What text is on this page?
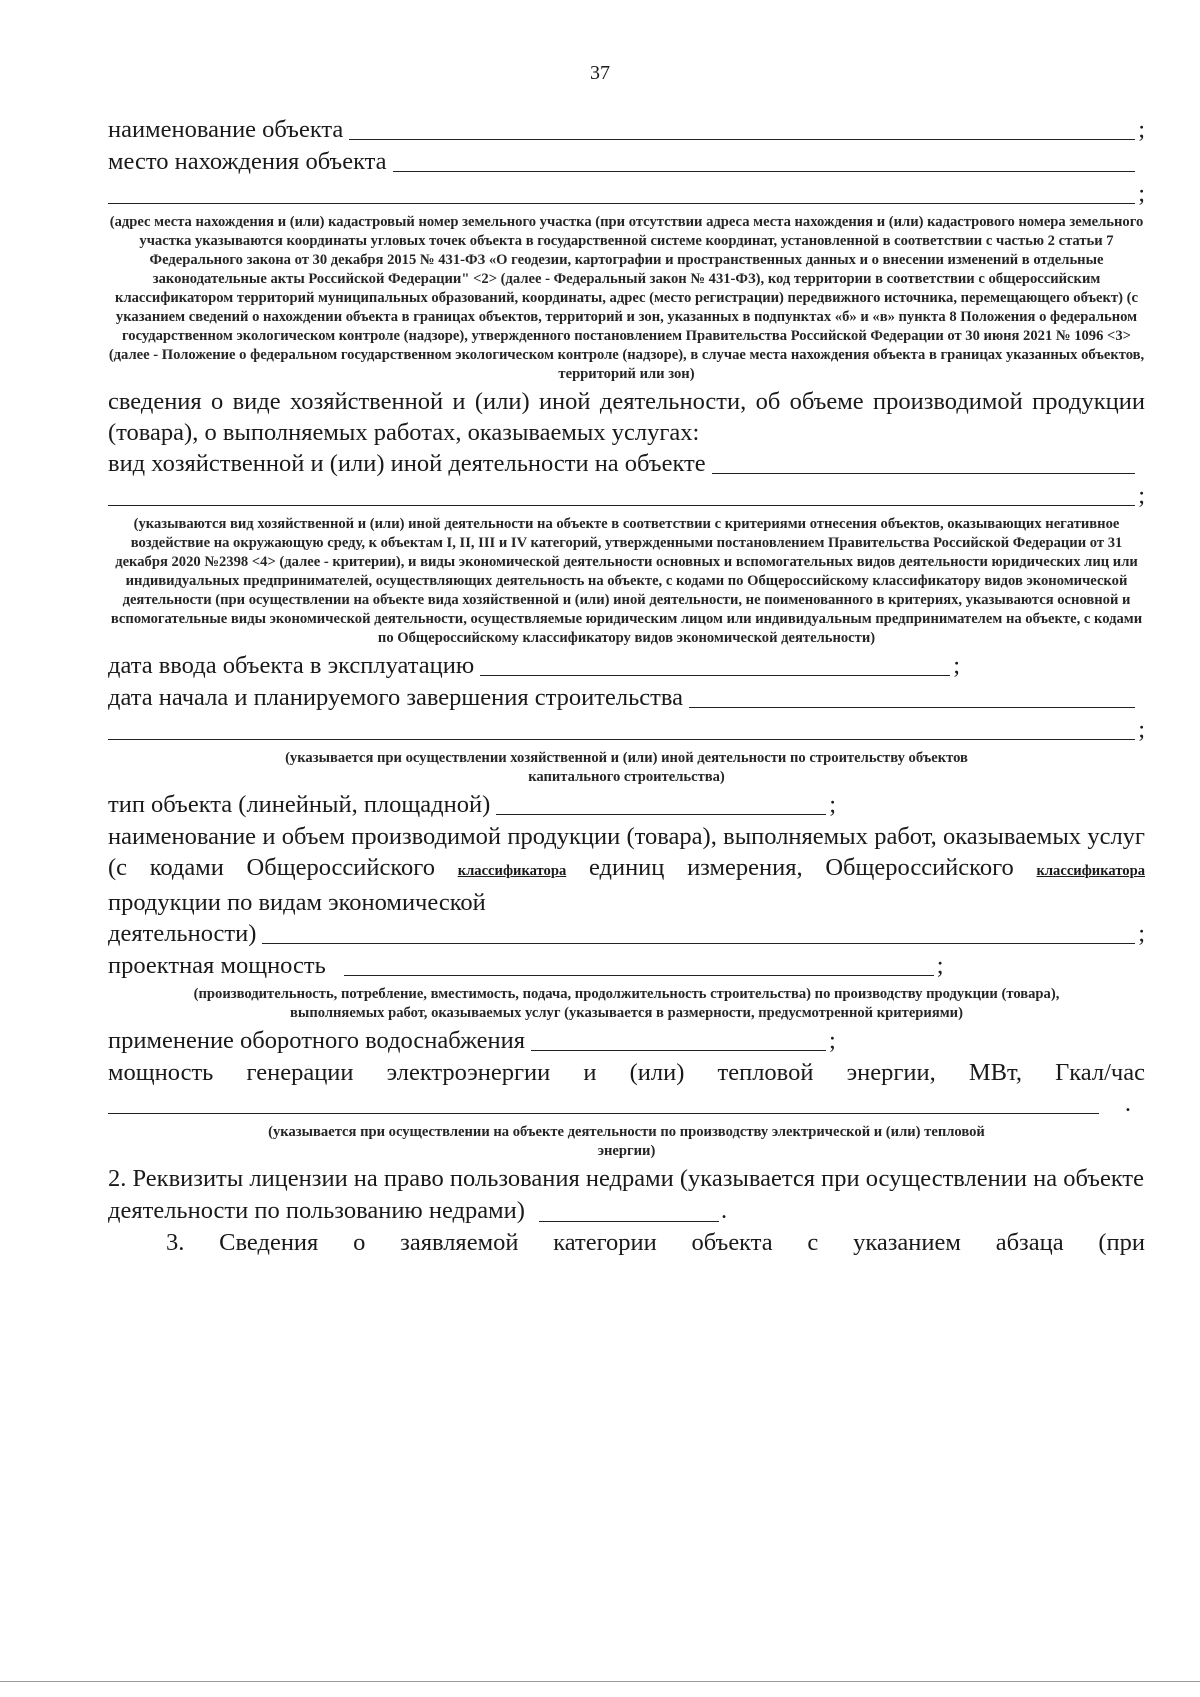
37
наименование объекта	;
место нахождения объекта
;
(адрес места нахождения и (или) кадастровый номер земельного участка (при отсутствии адреса места нахождения и (или) кадастрового номера земельного участка указываются координаты угловых точек объекта в государственной системе координат, установленной в соответствии с частью 2 статьи 7 Федерального закона от 30 декабря 2015 № 431-ФЗ «О геодезии, картографии и пространственных данных и о внесении изменений в отдельные законодательные акты Российской Федерации" <2> (далее - Федеральный закон № 431-ФЗ), код территории в соответствии с общероссийским классификатором территорий муниципальных образований, координаты, адрес (место регистрации) передвижного источника, перемещающего объект) (с указанием сведений о нахождении объекта в границах объектов, территорий и зон, указанных в подпунктах «б» и «в» пункта 8 Положения о федеральном государственном экологическом контроле (надзоре), утвержденного постановлением Правительства Российской Федерации от 30 июня 2021 № 1096 <3> (далее - Положение о федеральном государственном экологическом контроле (надзоре), в случае места нахождения объекта в границах указанных объектов, территорий или зон)
сведения о виде хозяйственной и (или) иной деятельности, об объеме производимой продукции (товара), о выполняемых работах, оказываемых услугах:
вид хозяйственной и (или) иной деятельности на объекте
;
(указываются вид хозяйственной и (или) иной деятельности на объекте в соответствии с критериями отнесения объектов, оказывающих негативное воздействие на окружающую среду, к объектам I, II, III и IV категорий, утвержденными постановлением Правительства Российской Федерации от 31 декабря 2020 №2398 <4> (далее - критерии), и виды экономической деятельности основных и вспомогательных видов деятельности юридических лиц или индивидуальных предпринимателей, осуществляющих деятельность на объекте, с кодами по Общероссийскому классификатору видов экономической деятельности (при осуществлении на объекте вида хозяйственной и (или) иной деятельности, не поименованного в критериях, указываются основной и вспомогательные виды экономической деятельности, осуществляемые юридическим лицом или индивидуальным предпринимателем на объекте, с кодами по Общероссийскому классификатору видов экономической деятельности)
дата ввода объекта в эксплуатацию	;
дата начала и планируемого завершения строительства
;
(указывается при осуществлении хозяйственной и (или) иной деятельности по строительству объектов капитального строительства)
тип объекта (линейный, площадной)	;
наименование и объем производимой продукции (товара), выполняемых работ, оказываемых услуг (с кодами Общероссийского классификатора единиц измерения, Общероссийского классификатора продукции по видам экономической
деятельности)	;
проектная мощность	;
(производительность, потребление, вместимость, подача, продолжительность строительства) по производству продукции (товара), выполняемых работ, оказываемых услуг (указывается в размерности, предусмотренной критериями)
применение оборотного водоснабжения	;
мощность генерации электроэнергии и (или) тепловой энергии, МВт, Гкал/час
.
(указывается при осуществлении на объекте деятельности по производству электрической и (или) тепловой энергии)
2. Реквизиты лицензии на право пользования недрами (указывается при осуществлении на объекте деятельности по пользованию недрами)	.
3. Сведения о заявляемой категории объекта с указанием абзаца (при
